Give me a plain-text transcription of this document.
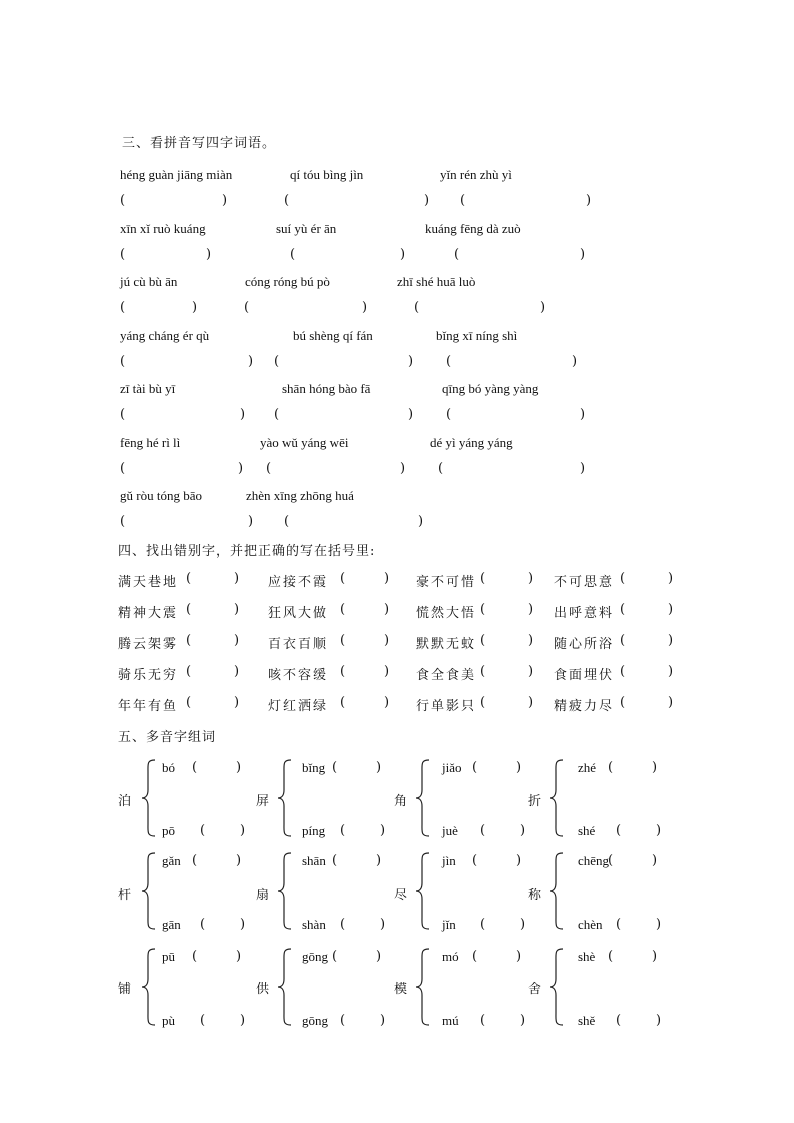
三、看拼音写四字词语。
héng guàn jiāng miàn
(	)
qí tóu bìng jìn
(	)
yǐn rén zhù yì
(	)
xīn xǐ ruò kuáng
(	)
suí yù ér ān
(	)
kuáng fēng dà zuò
(	)
jú cù bù ān
(	)
cóng róng bú pò
(	)
zhī shé huā luò
(	)
yáng cháng ér qù
(	)
bú shèng qí fán
(	)
bǐng xī níng shì
(	)
zī tài bù yī
(	)
shān hóng bào fā
(	)
qīng bó yàng yàng
(	)
fēng hé rì lì
(	)
yào wǔ yáng wēi
(	)
dé yì yáng yáng
(	)
gǔ ròu tóng bāo
(	)
zhèn xīng zhōng huá
(	)
四、找出错别字，并把正确的写在括号里:
满天巷地 (	) 应接不霞 (	) 豪不可惜 (	) 不可思意 (	)
精神大震 (	) 狂风大做 (	) 慌然大悟 (	) 出呼意料 (	)
腾云架雾 (	) 百衣百顺 (	) 默默无蚊 (	) 随心所浴 (	)
骑乐无穷 (	) 咳不容缓 (	) 食全食美 (	) 食面埋伏 (	)
年年有鱼 (	) 灯红洒绿 (	) 行单影只 (	) 精疲力尽 (	)
五、多音字组词
泊
bó (	)
pō (	)
屏
bǐng (	)
píng (	)
角
jiǎo (	)
juè (	)
折
zhé (	)
shé (	)
杆
gǎn (	)
gān (	)
扇
shān (	)
shàn (	)
尽
jìn (	)
jǐn (	)
称
chēng
(	)
chèn (	)
铺
pū (	)
pù (	)
供
gōng (	)
gōng (	)
模
mó (	)
mú (	)
舍
shè (	)
shě (	)
